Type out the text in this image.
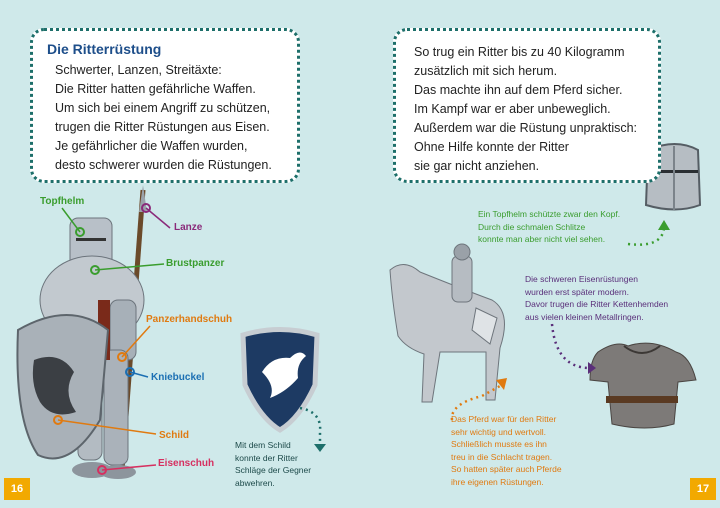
Die Ritterrüstung
Schwerter, Lanzen, Streitäxte:
Die Ritter hatten gefährliche Waffen.
Um sich bei einem Angriff zu schützen,
trugen die Ritter Rüstungen aus Eisen.
Je gefährlicher die Waffen wurden,
desto schwerer wurden die Rüstungen.
So trug ein Ritter bis zu 40 Kilogramm
zusätzlich mit sich herum.
Das machte ihn auf dem Pferd sicher.
Im Kampf war er aber unbeweglich.
Außerdem war die Rüstung unpraktisch:
Ohne Hilfe konnte der Ritter
sie gar nicht anziehen.
Topfhelm
Lanze
Brustpanzer
Panzerhandschuh
Kniebuckel
Schild
Eisenschuh
Mit dem Schild
konnte der Ritter
Schläge der Gegner
abwehren.
Ein Topfhelm schützte zwar den Kopf.
Durch die schmalen Schlitze
konnte man aber nicht viel sehen.
Die schweren Eisenrüstungen
wurden erst später modern.
Davor trugen die Ritter Kettenhemden
aus vielen kleinen Metallringen.
Das Pferd war für den Ritter
sehr wichtig und wertvoll.
Schließlich musste es ihn
treu in die Schlacht tragen.
So hatten später auch Pferde
ihre eigenen Rüstungen.
16	17
